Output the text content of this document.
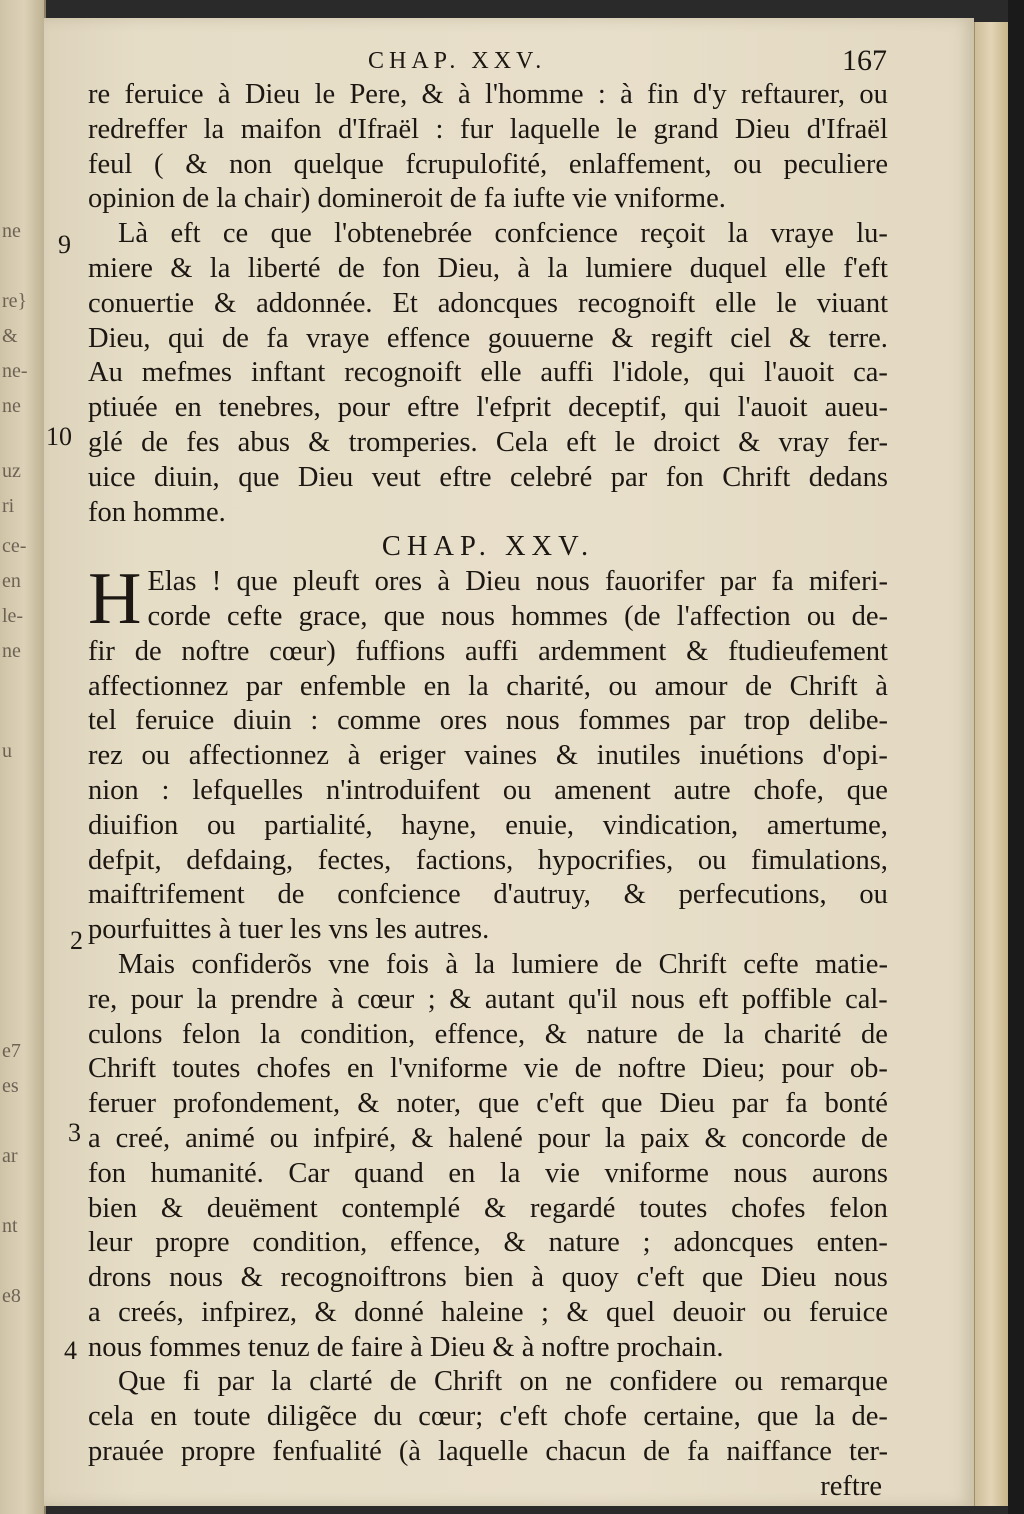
ne
re}
&
ne-
ne
uz
ri
ce-
en
le-
ne
u
e7
es
ar
nt
e8
CHAP. XXV.	167
9
10
2
3
4
re feruice à Dieu le Pere, & à l'homme : à fin d'y reftaurer, ou
redreffer la maifon d'Ifraël : fur laquelle le grand Dieu d'Ifraël
feul ( & non quelque fcrupulofité, enlaffement, ou peculiere
opinion de la chair) domineroit de fa iufte vie vniforme.
Là eft ce que l'obtenebrée confcience reçoit la vraye lu-
miere & la liberté de fon Dieu, à la lumiere duquel elle f'eft
conuertie & addonnée. Et adoncques recognoift elle le viuant
Dieu, qui de fa vraye effence gouuerne & regift ciel & terre.
Au mefmes inftant recognoift elle auffi l'idole, qui l'auoit ca-
ptiuée en tenebres, pour eftre l'efprit deceptif, qui l'auoit aueu-
glé de fes abus & tromperies. Cela eft le droict & vray fer-
uice diuin, que Dieu veut eftre celebré par fon Chrift dedans
fon homme.
CHAP. XXV.
H Elas ! que pleuft ores à Dieu nous fauorifer par fa miferi-
corde cefte grace, que nous hommes (de l'affection ou de-
fir de noftre cœur) fuffions auffi ardemment & ftudieufement
affectionnez par enfemble en la charité, ou amour de Chrift à
tel feruice diuin : comme ores nous fommes par trop delibe-
rez ou affectionnez à eriger vaines & inutiles inuétions d'opi-
nion : lefquelles n'introduifent ou amenent autre chofe, que
diuifion ou partialité, hayne, enuie, vindication, amertume,
defpit, defdaing, fectes, factions, hypocrifies, ou fimulations,
maiftrifement de confcience d'autruy, & perfecutions, ou
pourfuittes à tuer les vns les autres.
Mais confiderõs vne fois à la lumiere de Chrift cefte matie-
re, pour la prendre à cœur ; & autant qu'il nous eft poffible cal-
culons felon la condition, effence, & nature de la charité de
Chrift toutes chofes en l'vniforme vie de noftre Dieu; pour ob-
feruer profondement, & noter, que c'eft que Dieu par fa bonté
a creé, animé ou infpiré, & halené pour la paix & concorde de
fon humanité. Car quand en la vie vniforme nous aurons
bien & deuëment contemplé & regardé toutes chofes felon
leur propre condition, effence, & nature ; adoncques enten-
drons nous & recognoiftrons bien à quoy c'eft que Dieu nous
a creés, infpirez, & donné haleine ; & quel deuoir ou feruice
nous fommes tenuz de faire à Dieu & à noftre prochain.
Que fi par la clarté de Chrift on ne confidere ou remarque
cela en toute diligẽce du cœur; c'eft chofe certaine, que la de-
prauée propre fenfualité (à laquelle chacun de fa naiffance ter-
reftre
